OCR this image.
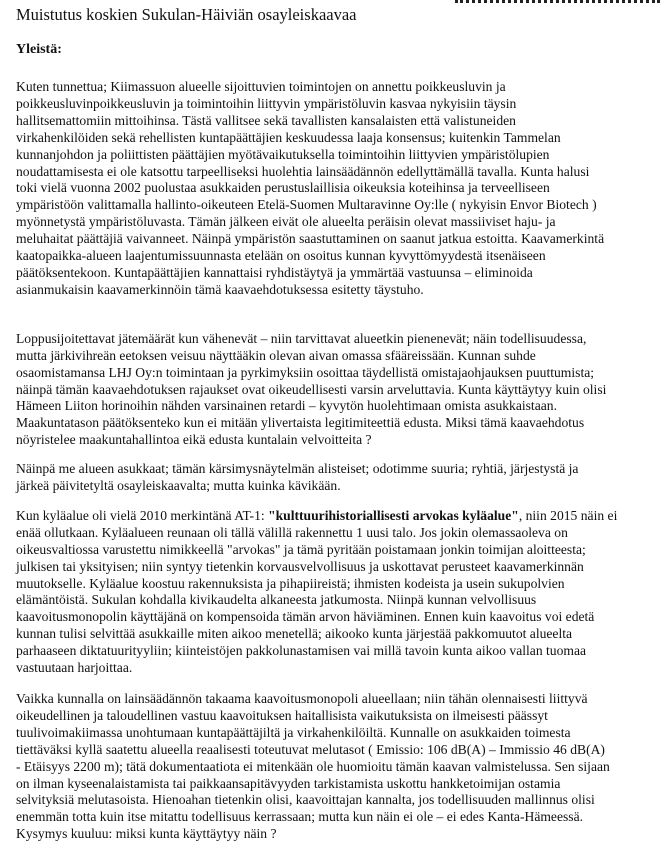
Muistutus koskien Sukulan-Häiviän osayleiskaavaa
Yleistä:
Kuten tunnettua; Kiimassuon alueelle sijoittuvien toimintojen on annettu poikkeusluvin ja
poikkeusluvinpoikkeusluvin ja toimintoihin liittyvin ympäristöluvin kasvaa nykyisiin täysin
hallitsemattomiin mittoihinsa. Tästä vallitsee sekä tavallisten kansalaisten että valistuneiden
virkahenkilöiden sekä rehellisten kuntapäättäjien keskuudessa laaja konsensus; kuitenkin Tammelan
kunnanjohdon ja poliittisten päättäjien myötävaikutuksella toimintoihin liittyvien ympäristölupien
noudattamisesta ei ole katsottu tarpeelliseksi huolehtia lainsäädännön edellyttämällä tavalla. Kunta halusi
toki vielä vuonna 2002 puolustaa asukkaiden perustuslaillisia oikeuksia koteihinsa ja terveelliseen
ympäristöön valittamalla hallinto-oikeuteen Etelä-Suomen Multaravinne Oy:lle ( nykyisin Envor Biotech )
myönnetystä ympäristöluvasta. Tämän jälkeen eivät ole alueelta peräisin olevat massiiviset haju- ja
meluhaitat päättäjiä vaivanneet. Näinpä ympäristön saastuttaminen on saanut jatkua estoitta. Kaavamerkintä
kaatopaikka-alueen laajentumissuunnasta etelään on osoitus kunnan kyvyttömyydestä itsenäiseen
päätöksentekoon. Kuntapäättäjien kannattaisi ryhdistäytyä ja ymmärtää vastuunsa – eliminoida
asianmukaisin kaavamerkinnöin tämä kaavaehdotuksessa esitetty täystuho.
Loppusijoitettavat jätemäärät kun vähenevät – niin tarvittavat alueetkin pienenevät; näin todellisuudessa,
mutta järkivihreän eetoksen veisuu näyttääkin olevan aivan omassa sfääreissään. Kunnan suhde
osaomistamansa LHJ Oy:n toimintaan ja pyrkimyksiin osoittaa täydellistä omistajaohjauksen puuttumista;
näinpä tämän kaavaehdotuksen rajaukset ovat oikeudellisesti varsin arveluttavia. Kunta käyttäytyy kuin olisi
Hämeen Liiton horinoihin nähden varsinainen retardi – kyvytön huolehtimaan omista asukkaistaan.
Maakuntatason päätöksenteko kun ei mitään ylivertaista legitimiteettiä edusta. Miksi tämä kaavaehdotus
nöyristelee maakuntahallintoa eikä edusta kuntalain velvoitteita ?
Näinpä me alueen asukkaat; tämän kärsimysnäytelmän alisteiset; odotimme suuria; ryhtiä, järjestystä ja
järkeä päivitetyltä osayleiskaavalta; mutta kuinka kävikään.
Kun kyläalue oli vielä 2010 merkintänä AT-1: "kulttuurihistoriallisesti arvokas kyläalue", niin 2015 näin ei
enää ollutkaan. Kyläalueen reunaan oli tällä välillä rakennettu 1 uusi talo. Jos jokin olemassaoleva on
oikeusvaltiossa varustettu nimikkeellä "arvokas" ja tämä pyritään poistamaan jonkin toimijan aloitteesta;
julkisen tai yksityisen; niin syntyy tietenkin korvausvelvollisuus ja uskottavat perusteet kaavamerkinnän
muutokselle. Kyläalue koostuu rakennuksista ja pihapiireistä; ihmisten kodeista ja usein sukupolvien
elämäntöistä. Sukulan kohdalla kivikaudelta alkaneesta jatkumosta. Niinpä kunnan velvollisuus
kaavoitusmonopolin käyttäjänä on kompensoida tämän arvon häviäminen. Ennen kuin kaavoitus voi edetä
kunnan tulisi selvittää asukkaille miten aikoo menetellä; aikooko kunta järjestää pakkomuutot alueelta
parhaaseen diktatuurityyliin; kiinteistöjen pakkolunastamisen vai millä tavoin kunta aikoo vallan tuomaa
vastuutaan harjoittaa.
Vaikka kunnalla on lainsäädännön takaama kaavoitusmonopoli alueellaan; niin tähän olennaisesti liittyvä
oikeudellinen ja taloudellinen vastuu kaavoituksen haitallisista vaikutuksista on ilmeisesti päässyt
tuulivoimakiimassa unohtumaan kuntapäättäjiltä ja virkahenkilöiltä. Kunnalle on asukkaiden toimesta
tiettäväksi kyllä saatettu alueella reaalisesti toteutuvat melutasot ( Emissio: 106 dB(A) – Immissio 46 dB(A)
- Etäisyys 2200 m); tätä dokumentaatiota ei mitenkään ole huomioitu tämän kaavan valmistelussa. Sen sijaan
on ilman kyseenalaistamista tai paikkaansapitävyyden tarkistamista uskottu hankketoimijan ostamia
selvityksiä melutasoista. Hienoahan tietenkin olisi, kaavoittajan kannalta, jos todellisuuden mallinnus olisi
enemmän totta kuin itse mitattu todellisuus kerrassaan; mutta kun näin ei ole – ei edes Kanta-Hämeessä.
Kysymys kuuluu: miksi kunta käyttäytyy näin ?
